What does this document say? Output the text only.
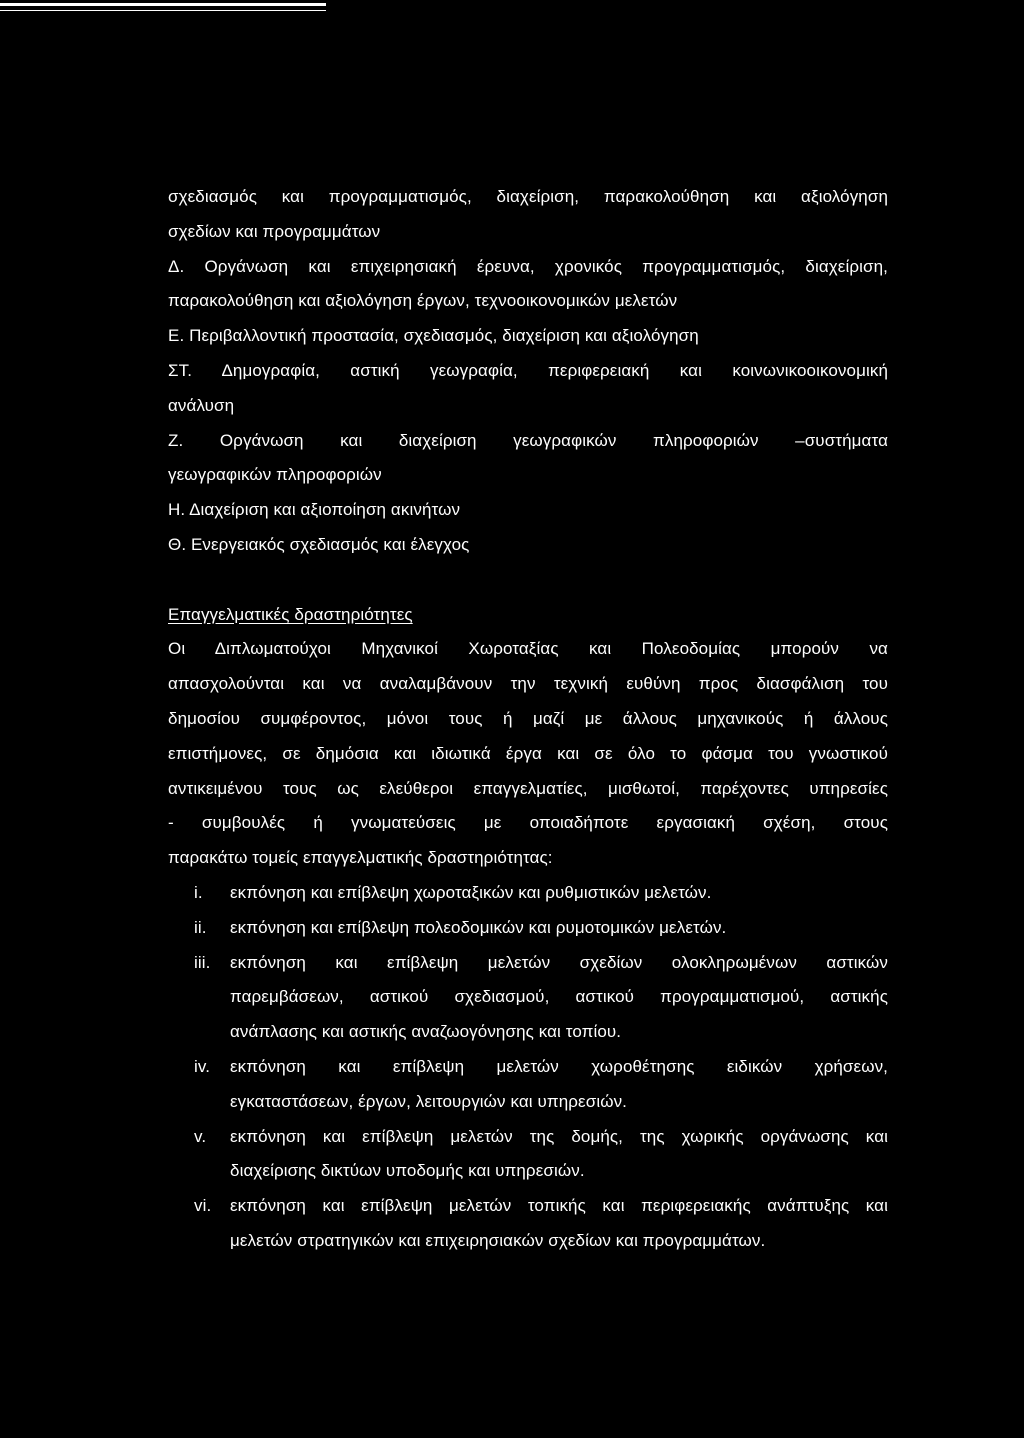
σχεδιασμός και προγραμματισμός, διαχείριση, παρακολούθηση και αξιολόγηση
σχεδίων και προγραμμάτων
Δ. Οργάνωση και επιχειρησιακή έρευνα, χρονικός προγραμματισμός, διαχείριση,
παρακολούθηση και αξιολόγηση έργων, τεχνοοικονομικών μελετών
Ε. Περιβαλλοντική προστασία, σχεδιασμός, διαχείριση και αξιολόγηση
ΣΤ. Δημογραφία, αστική γεωγραφία, περιφερειακή και κοινωνικοοικονομική
ανάλυση
Ζ. Οργάνωση και διαχείριση γεωγραφικών πληροφοριών –συστήματα
γεωγραφικών πληροφοριών
Η. Διαχείριση και αξιοποίηση ακινήτων
Θ. Ενεργειακός σχεδιασμός και έλεγχος
Επαγγελματικές δραστηριότητες
Οι Διπλωματούχοι Μηχανικοί Χωροταξίας και Πολεοδομίας μπορούν να
απασχολούνται και να αναλαμβάνουν την τεχνική ευθύνη προς διασφάλιση του
δημοσίου συμφέροντος, μόνοι τους ή μαζί με άλλους μηχανικούς ή άλλους
επιστήμονες, σε δημόσια και ιδιωτικά έργα και σε όλο το φάσμα του γνωστικού
αντικειμένου τους ως ελεύθεροι επαγγελματίες, μισθωτοί, παρέχοντες υπηρεσίες
- συμβουλές ή γνωματεύσεις με οποιαδήποτε εργασιακή σχέση, στους
παρακάτω τομείς επαγγελματικής δραστηριότητας:
i.	εκπόνηση και επίβλεψη χωροταξικών και ρυθμιστικών μελετών.
ii.	εκπόνηση και επίβλεψη πολεοδομικών και ρυμοτομικών μελετών.
iii.	εκπόνηση και επίβλεψη μελετών σχεδίων ολοκληρωμένων αστικών
παρεμβάσεων, αστικού σχεδιασμού, αστικού προγραμματισμού, αστικής
ανάπλασης και αστικής αναζωογόνησης και τοπίου.
iv.	εκπόνηση και επίβλεψη μελετών χωροθέτησης ειδικών χρήσεων,
εγκαταστάσεων, έργων, λειτουργιών και υπηρεσιών.
v.	εκπόνηση και επίβλεψη μελετών της δομής, της χωρικής οργάνωσης και
διαχείρισης δικτύων υποδομής και υπηρεσιών.
vi.	εκπόνηση και επίβλεψη μελετών τοπικής και περιφερειακής ανάπτυξης και
μελετών στρατηγικών και επιχειρησιακών σχεδίων και προγραμμάτων.
